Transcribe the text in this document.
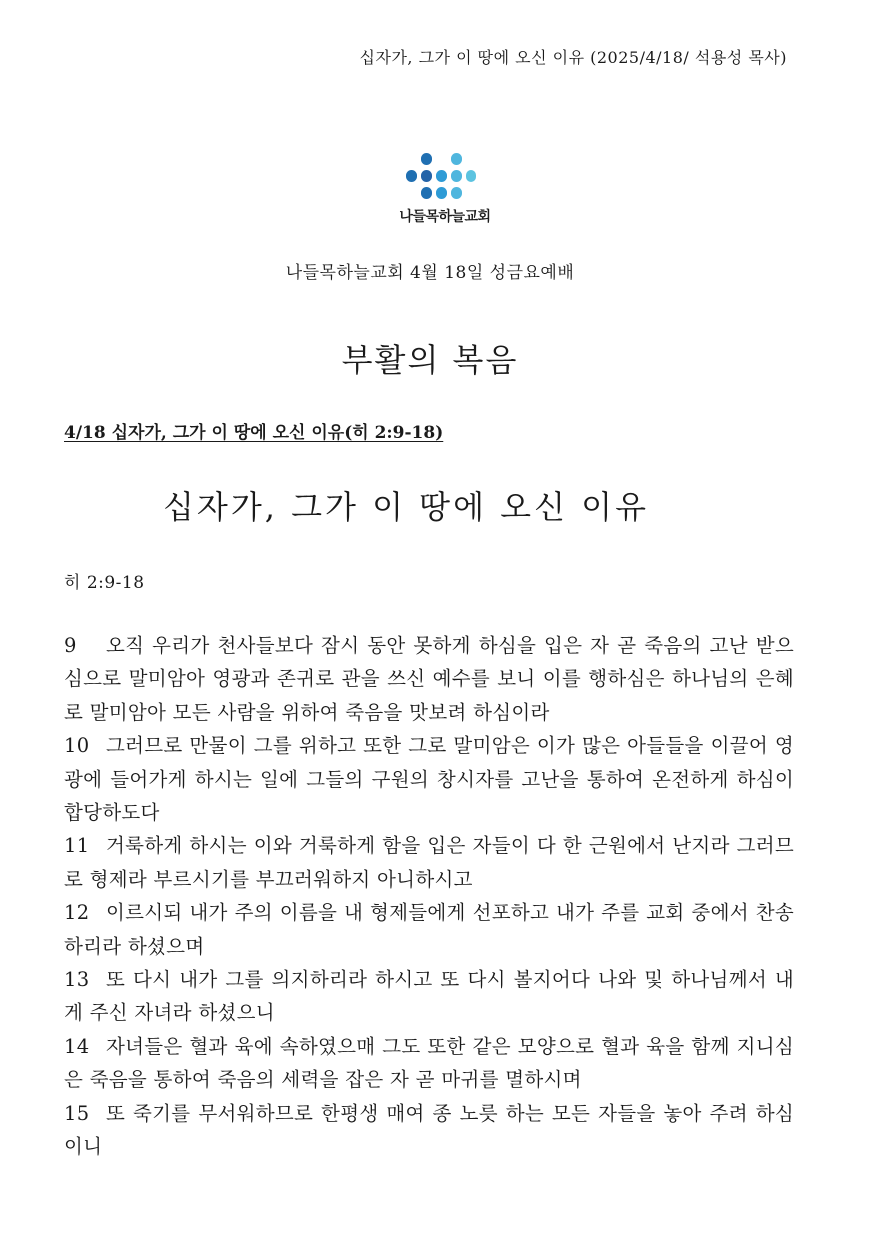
십자가, 그가 이 땅에 오신 이유 (2025/4/18/ 석용성 목사)
나들목하늘교회
나들목하늘교회 4월 18일 성금요예배
부활의 복음
4/18 십자가, 그가 이 땅에 오신 이유(히 2:9-18)
십자가, 그가 이 땅에 오신 이유
히 2:9-18

9 오직 우리가 천사들보다 잠시 동안 못하게 하심을 입은 자 곧 죽음의 고난 받으심으로 말미암아 영광과 존귀로 관을 쓰신 예수를 보니 이를 행하심은 하나님의 은혜로 말미암아 모든 사람을 위하여 죽음을 맛보려 하심이라

10 그러므로 만물이 그를 위하고 또한 그로 말미암은 이가 많은 아들들을 이끌어 영광에 들어가게 하시는 일에 그들의 구원의 창시자를 고난을 통하여 온전하게 하심이 합당하도다

11 거룩하게 하시는 이와 거룩하게 함을 입은 자들이 다 한 근원에서 난지라 그러므로 형제라 부르시기를 부끄러워하지 아니하시고

12 이르시되 내가 주의 이름을 내 형제들에게 선포하고 내가 주를 교회 중에서 찬송하리라 하셨으며

13 또 다시 내가 그를 의지하리라 하시고 또 다시 볼지어다 나와 및 하나님께서 내게 주신 자녀라 하셨으니

14 자녀들은 혈과 육에 속하였으매 그도 또한 같은 모양으로 혈과 육을 함께 지니심은 죽음을 통하여 죽음의 세력을 잡은 자 곧 마귀를 멸하시며

15 또 죽기를 무서워하므로 한평생 매여 종 노릇 하는 모든 자들을 놓아 주려 하심이니
